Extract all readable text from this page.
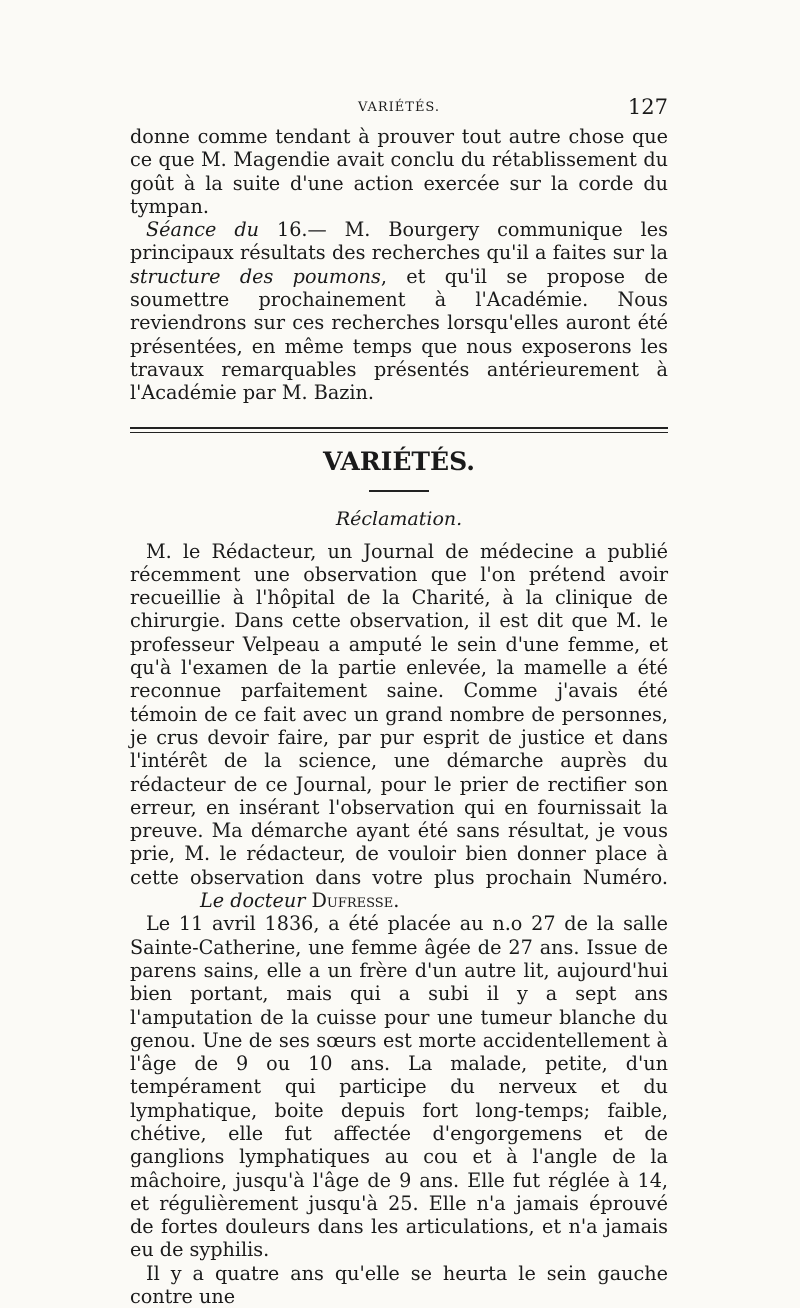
VARIÉTÉS.	127

donne comme tendant à prouver tout autre chose que ce que M. Magendie avait conclu du rétablissement du goût à la suite d'une action exercée sur la corde du tympan.

Séance du 16.— M. Bourgery communique les principaux résultats des recherches qu'il a faites sur la structure des poumons, et qu'il se propose de soumettre prochainement à l'Académie. Nous reviendrons sur ces recherches lorsqu'elles auront été présentées, en même temps que nous exposerons les travaux remarquables présentés antérieurement à l'Académie par M. Bazin.

VARIÉTÉS.
Réclamation.

M. le Rédacteur, un Journal de médecine a publié récemment une observation que l'on prétend avoir recueillie à l'hôpital de la Charité, à la clinique de chirurgie. Dans cette observation, il est dit que M. le professeur Velpeau a amputé le sein d'une femme, et qu'à l'examen de la partie enlevée, la mamelle a été reconnue parfaitement saine. Comme j'avais été témoin de ce fait avec un grand nombre de personnes, je crus devoir faire, par pur esprit de justice et dans l'intérêt de la science, une démarche auprès du rédacteur de ce Journal, pour le prier de rectifier son erreur, en insérant l'observation qui en fournissait la preuve. Ma démarche ayant été sans résultat, je vous prie, M. le rédacteur, de vouloir bien donner place à cette observation dans votre plus prochain Numéro.Le docteur Dufresse.

Le 11 avril 1836, a été placée au n.o 27 de la salle Sainte-Catherine, une femme âgée de 27 ans. Issue de parens sains, elle a un frère d'un autre lit, aujourd'hui bien portant, mais qui a subi il y a sept ans l'amputation de la cuisse pour une tumeur blanche du genou. Une de ses sœurs est morte accidentellement à l'âge de 9 ou 10 ans. La malade, petite, d'un tempérament qui participe du nerveux et du lymphatique, boite depuis fort long-temps; faible, chétive, elle fut affectée d'engorgemens et de ganglions lymphatiques au cou et à l'angle de la mâchoire, jusqu'à l'âge de 9 ans. Elle fut réglée à 14, et régulièrement jusqu'à 25. Elle n'a jamais éprouvé de fortes douleurs dans les articulations, et n'a jamais eu de syphilis.

Il y a quatre ans qu'elle se heurta le sein gauche contre une
